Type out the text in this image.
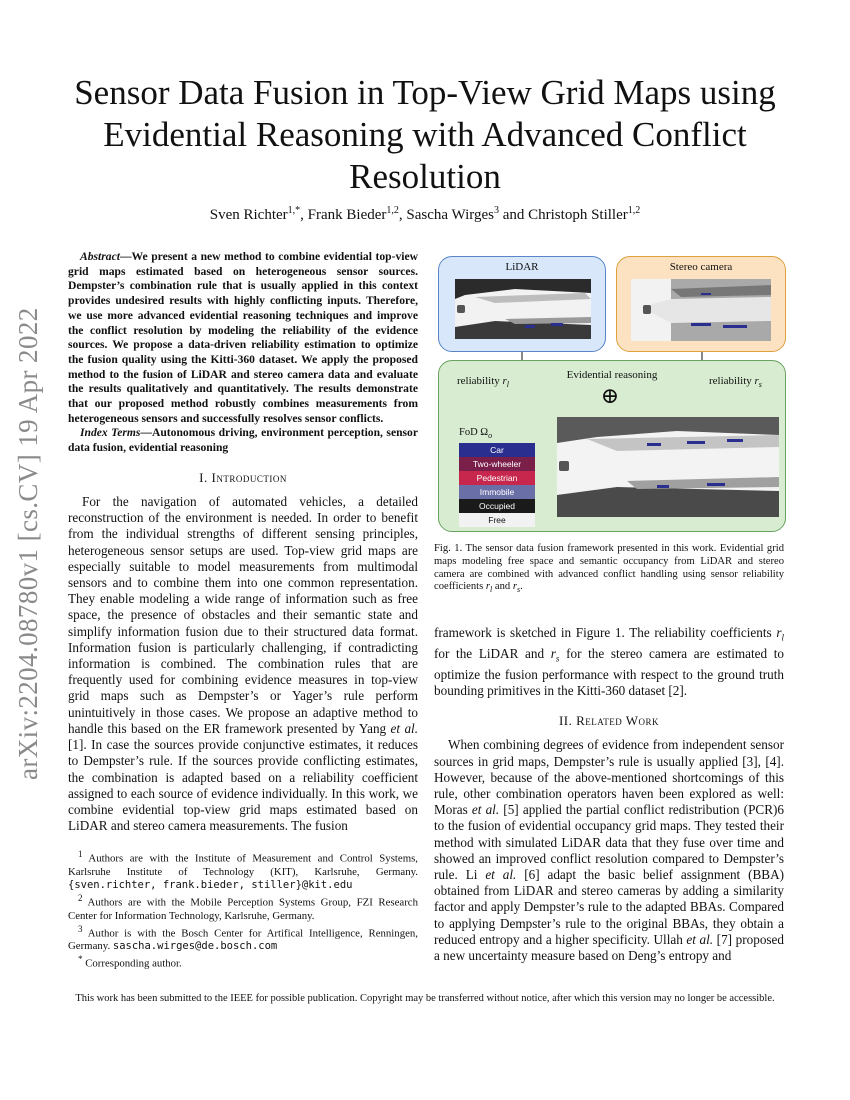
arXiv:2204.08780v1 [cs.CV] 19 Apr 2022
Sensor Data Fusion in Top-View Grid Maps using Evidential Reasoning with Advanced Conflict Resolution
Sven Richter$^{1,*}$, Frank Bieder$^{1,2}$, Sascha Wirges$^3$ and Christoph Stiller$^{1,2}$

Abstract—We present a new method to combine evidential top-view grid maps estimated based on heterogeneous sensor sources. Dempster’s combination rule that is usually applied in this context provides undesired results with highly conflicting inputs. Therefore, we use more advanced evidential reasoning techniques and improve the conflict resolution by modeling the reliability of the evidence sources. We propose a data-driven reliability estimation to optimize the fusion quality using the Kitti-360 dataset. We apply the proposed method to the fusion of LiDAR and stereo camera data and evaluate the results qualitatively and quantitatively. The results demonstrate that our proposed method robustly combines measurements from heterogeneous sensors and successfully resolves sensor conflicts.

Index Terms—Autonomous driving, environment perception, sensor data fusion, evidential reasoning

I. Introduction

For the navigation of automated vehicles, a detailed reconstruction of the environment is needed. In order to benefit from the individual strengths of different sensing principles, heterogeneous sensor setups are used. Top-view grid maps are especially suitable to model measurements from multimodal sensors and to combine them into one common representation. They enable modeling a wide range of information such as free space, the presence of obstacles and their semantic state and simplify information fusion due to their structured data format. Information fusion is particularly challenging, if contradicting information is combined. The combination rules that are frequently used for combining evidence measures in top-view grid maps such as Dempster’s or Yager’s rule perform unintuitively in those cases. We propose an adaptive method to handle this based on the ER framework presented by Yang et al. [1]. In case the sources provide conjunctive estimates, it reduces to Dempster’s rule. If the sources provide conflicting estimates, the combination is adapted based on a reliability coefficient assigned to each source of evidence individually. In this work, we combine evidential top-view grid maps estimated based on LiDAR and stereo camera measurements. The fusion

$^1$ Authors are with the Institute of Measurement and Control Systems, Karlsruhe Institute of Technology (KIT), Karlsruhe, Germany.{sven.richter, frank.bieder, stiller}@kit.edu

$^2$ Authors are with the Mobile Perception Systems Group, FZI Research Center for Information Technology, Karlsruhe, Germany.

$^3$ Author is with the Bosch Center for Artifical Intelligence, Renningen, Germany. sascha.wirges@de.bosch.com

* Corresponding author.

LiDAR	Stereo camera
Evidential reasoning
reliability $r_l$	reliability $r_s$
⊕
FoD $\Omega_o$
Car
Two-wheeler
Pedestrian
Immobile
Occupied
Free
Fig. 1. The sensor data fusion framework presented in this work. Evidential grid maps modeling free space and semantic occupancy from LiDAR and stereo camera are combined with advanced conflict handling using sensor reliability coefficients $r_l$ and $r_s$.

framework is sketched in Figure 1. The reliability coefficients $r_l$ for the LiDAR and $r_s$ for the stereo camera are estimated to optimize the fusion performance with respect to the ground truth bounding primitives in the Kitti-360 dataset [2].

II. Related Work

When combining degrees of evidence from independent sensor sources in grid maps, Dempster’s rule is usually applied [3], [4]. However, because of the above-mentioned shortcomings of this rule, other combination operators haven been explored as well: Moras et al. [5] applied the partial conflict redistribution (PCR)6 to the fusion of evidential occupancy grid maps. They tested their method with simulated LiDAR data that they fuse over time and showed an improved conflict resolution compared to Dempster’s rule. Li et al. [6] adapt the basic belief assignment (BBA) obtained from LiDAR and stereo cameras by adding a similarity factor and apply Dempster’s rule to the adapted BBAs. Compared to applying Dempster’s rule to the original BBAs, they obtain a reduced entropy and a higher specificity. Ullah et al. [7] proposed a new uncertainty measure based on Deng’s entropy and

This work has been submitted to the IEEE for possible publication. Copyright may be transferred without notice, after which this version may no longer be accessible.
